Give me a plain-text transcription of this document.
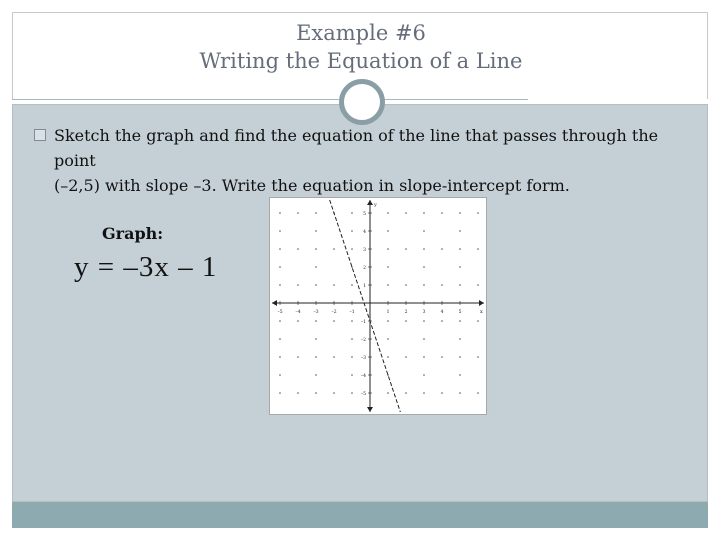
Example #6
Writing the Equation of a Line
Sketch the graph and find the equation of the line that passes through the point
(–2,5) with slope –3. Write the equation in slope-intercept form.
Graph:
y = –3x – 1
x
y
–5	–4	–3	–2	–1	1	2	3	4	5
5
4
3
2
1
–1
–2
–3
–4
–5
